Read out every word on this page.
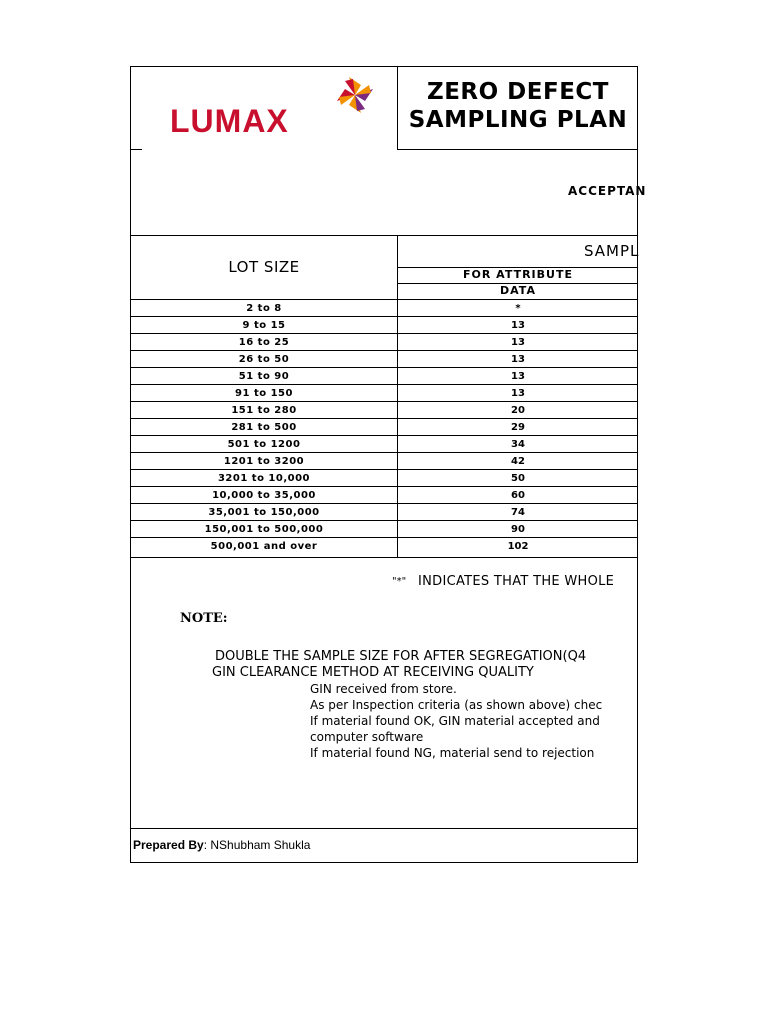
LUMAX
ZERO DEFECT
SAMPLING PLAN
ACCEPTAN
LOT SIZE
SAMPL
FOR ATTRIBUTE
DATA
2 to 8	*
9 to 15	13
16 to 25	13
26 to 50	13
51 to 90	13
91 to 150	13
151 to 280	20
281 to 500	29
501 to 1200	34
1201 to 3200	42
3201 to 10,000	50
10,000 to 35,000	60
35,001 to 150,000	74
150,001 to 500,000	90
500,001 and over	102
"*" INDICATES THAT THE WHOLE
NOTE:
DOUBLE THE SAMPLE SIZE FOR AFTER SEGREGATION(Q4
GIN CLEARANCE METHOD AT RECEIVING QUALITY
GIN received from store.
As per Inspection criteria (as shown above) chec
If material found OK, GIN material accepted and
computer software
If material found NG, material send to rejection
Prepared By: NShubham Shukla
